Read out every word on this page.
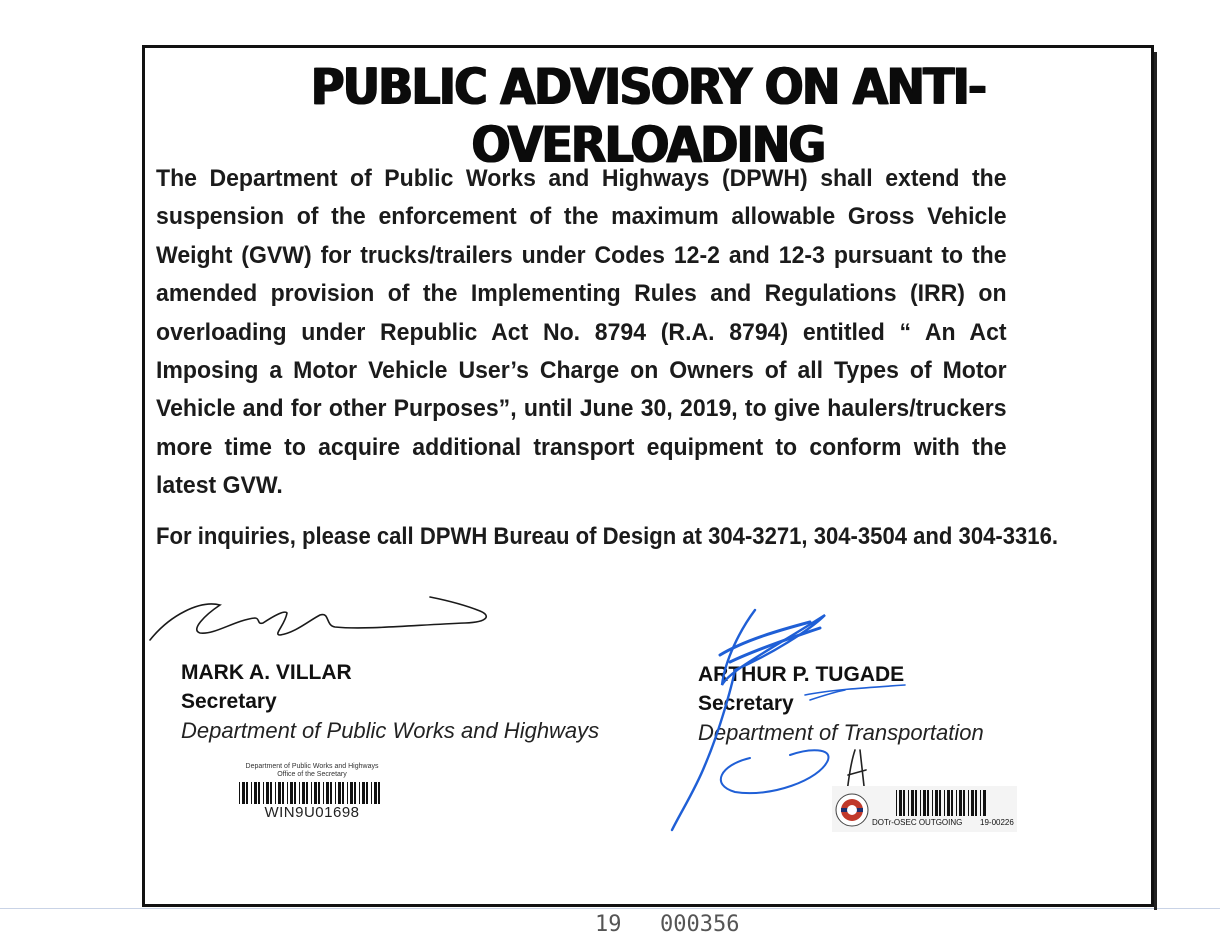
PUBLIC ADVISORY ON ANTI-OVERLOADING
The Department of Public Works and Highways (DPWH) shall extend the suspension of the enforcement of the maximum allowable Gross Vehicle Weight (GVW) for trucks/trailers under Codes 12-2 and 12-3 pursuant to the amended provision of the Implementing Rules and Regulations (IRR) on overloading under Republic Act No. 8794 (R.A. 8794) entitled “ An Act Imposing a Motor Vehicle User’s Charge on Owners of all Types of Motor Vehicle and for other Purposes”, until June 30, 2019, to give haulers/truckers more time to acquire additional transport equipment to conform with the latest GVW.
For inquiries, please call DPWH Bureau of Design at 304-3271, 304-3504 and 304-3316.
MARK A. VILLAR
Secretary
Department of Public Works and Highways
Department of Public Works and Highways
Office of the Secretary
WIN9U01698
ARTHUR P. TUGADE
Secretary
Department of Transportation
DOTr-OSEC OUTGOING 19-00226
19 000356
